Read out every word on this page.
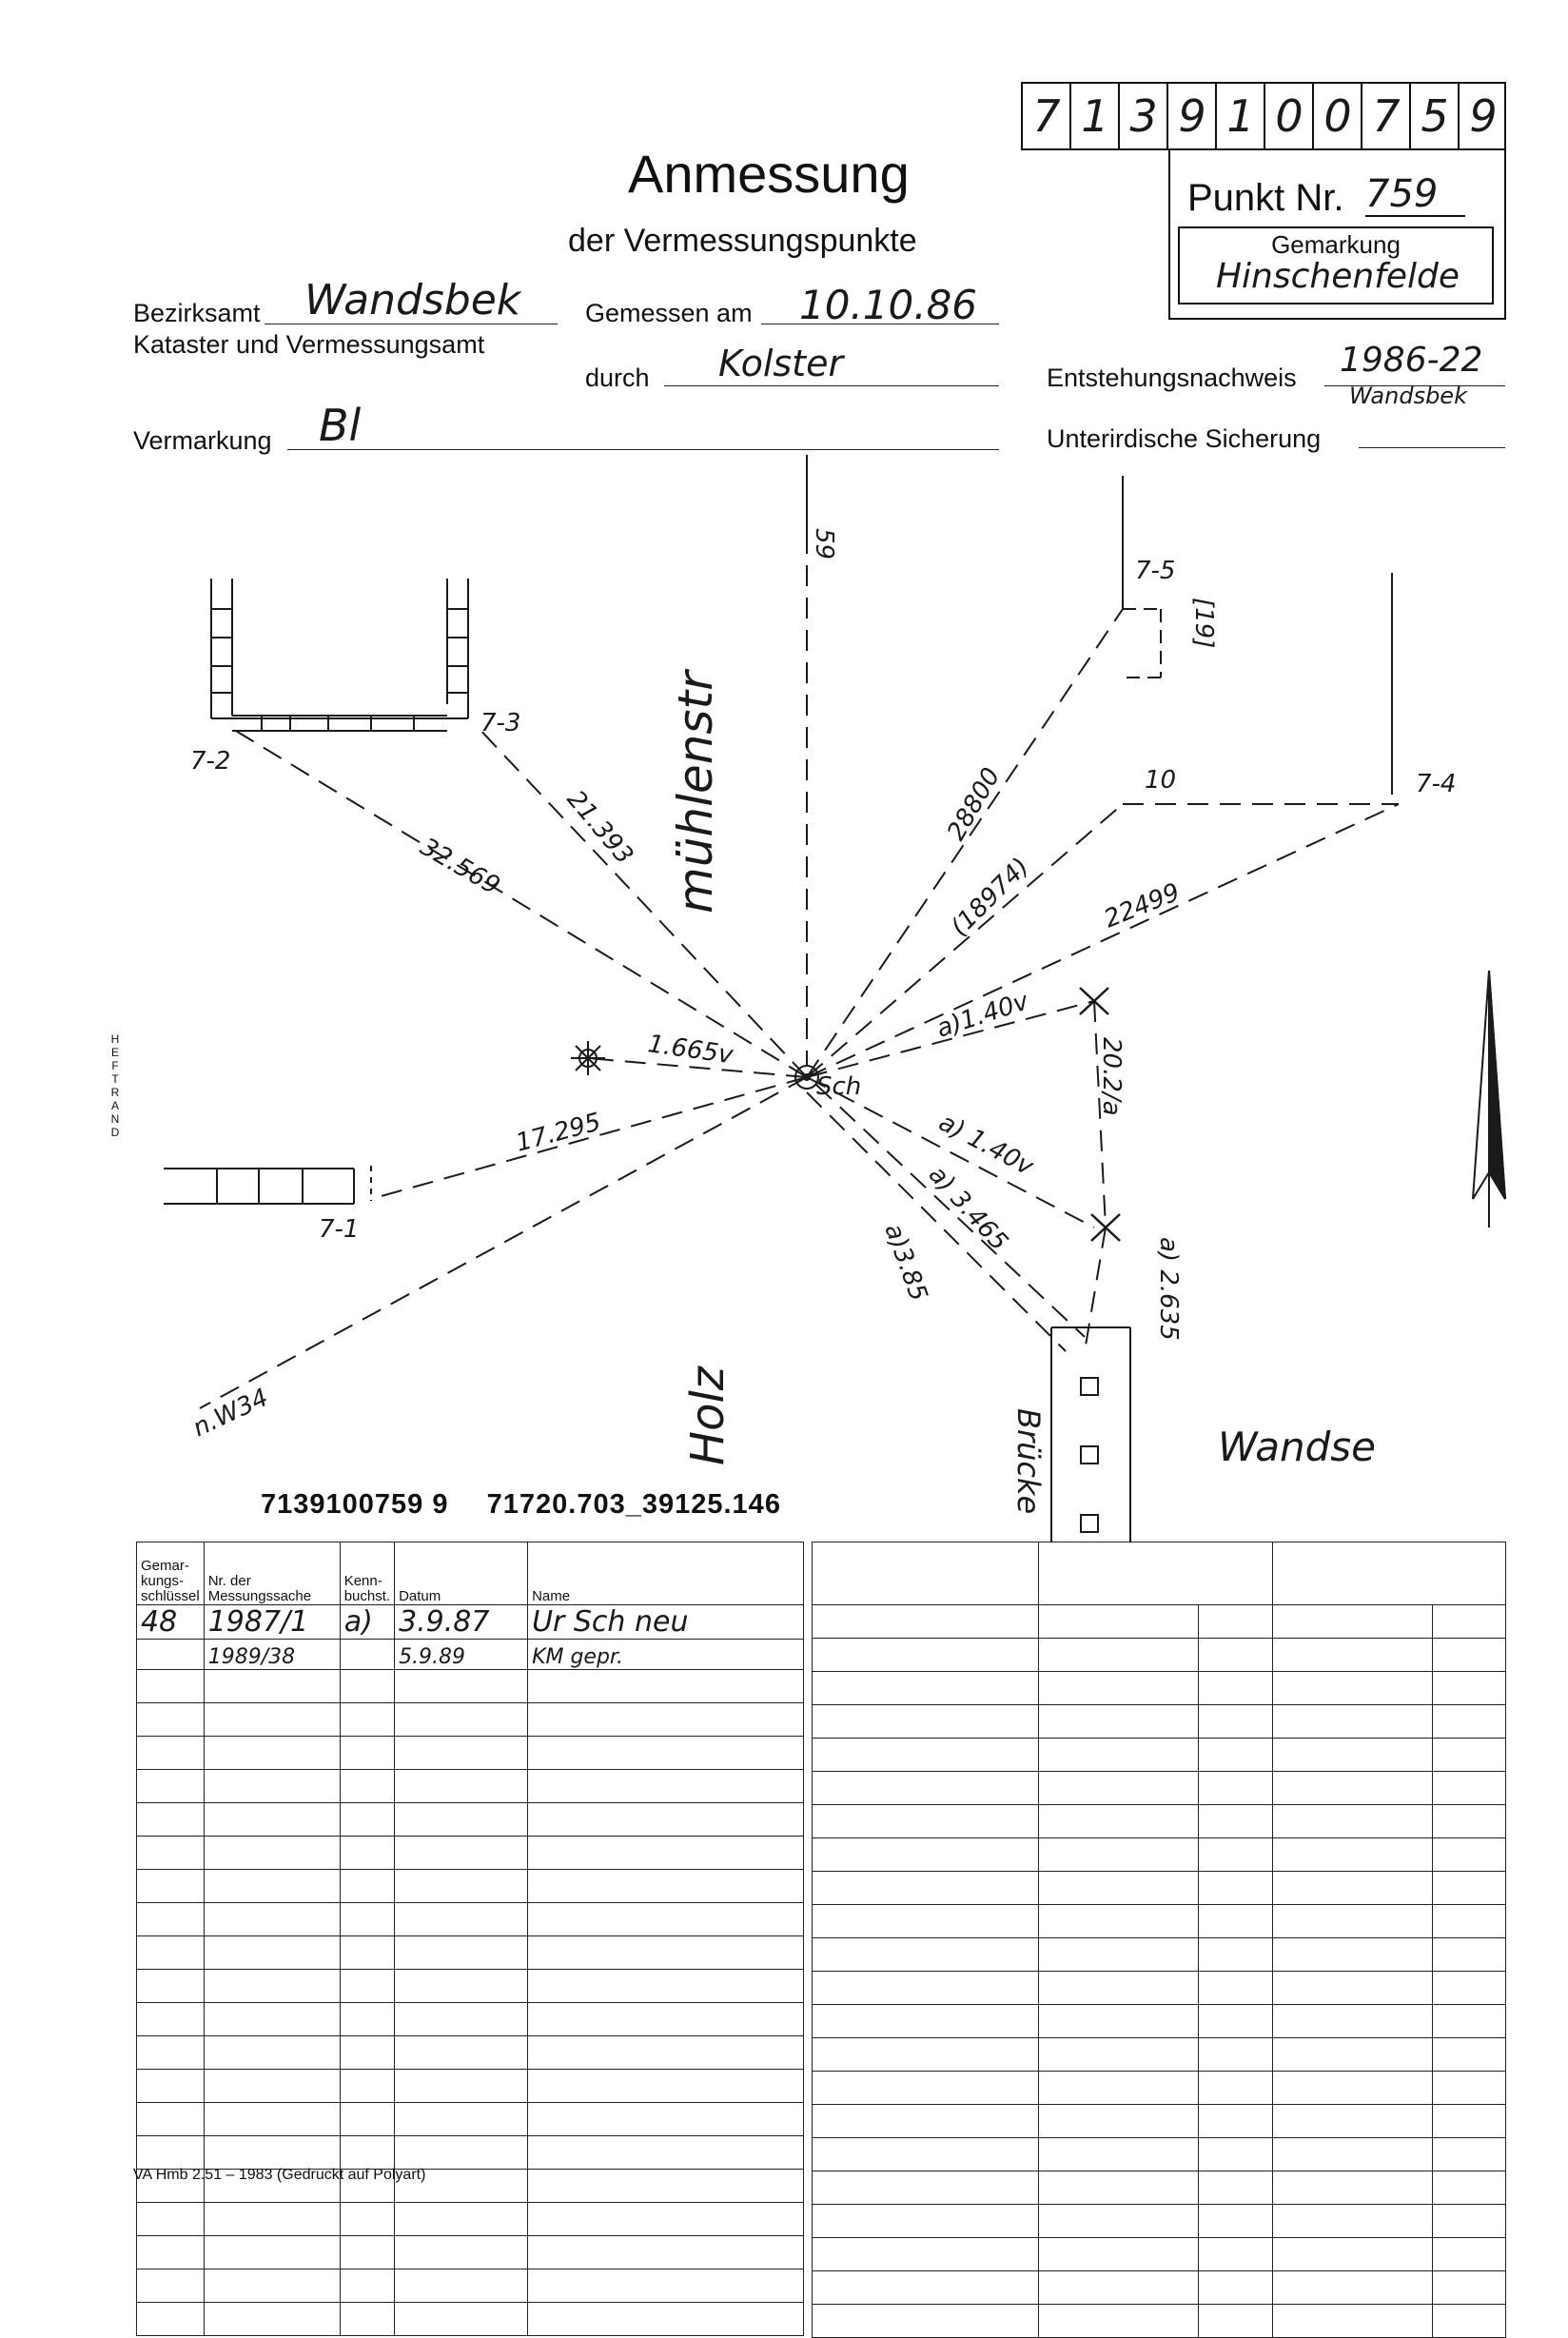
7 1 3 9 1 0 0 7 5 9
Punkt Nr. 759
Gemarkung
Hinschenfelde
Anmessung
der Vermessungspunkte
Bezirksamt Wandsbek
Kataster und Vermessungsamt
Gemessen am 10.10.86
durch Kolster	Entstehungsnachweis 1986-22
Wandsbek
Vermarkung Bl	Unterirdische Sicherung
HEFTRAND
7-2
7-3
7-4
7-5
10
7-1
Sch
32.569 21.393	28800
(18974)	22499
a)1.40v
1.665v
17.295	a) 1.40v
a) 3.465
a)3.85
20.2/a
a) 2.635
[19]
59
n.W34
mühlenstr
Holz	Brücke	Wandse
7139100759 9 71720.703_39125.146
Gemar-kungs-schlüssel	Nr. der Messungssache	Kenn-buchst.	Datum	Name
48	1987/1	a)	3.9.87	Ur Sch neu
	1989/38		5.9.89	KM gepr.

VA Hmb 2.51 – 1983 (Gedruckt auf Polyart)
